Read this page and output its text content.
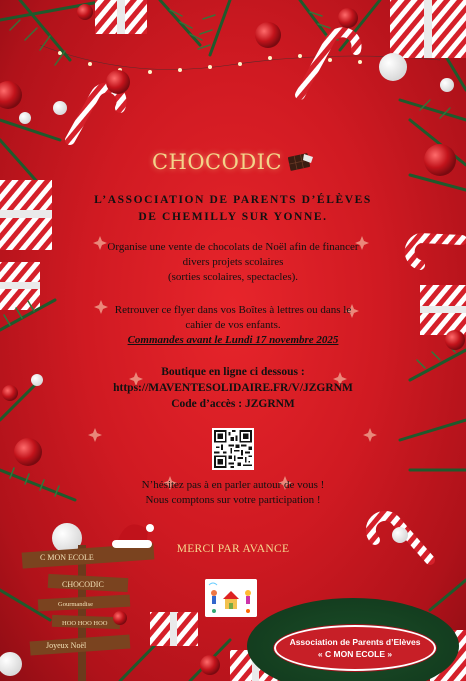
C MON ECOLE
CHOCODIC
Gourmandise
HOO HOO HOO
Joyeux Noël
CHOCODIC
L’ASSOCIATION DE PARENTS D’ÉLÈVES
DE CHEMILLY SUR YONNE.
Organise une vente de chocolats de Noël afin de financer
divers projets scolaires
(sorties scolaires, spectacles).
Retrouver ce flyer dans vos Boîtes à lettres ou dans le
cahier de vos enfants.
Commandes avant le Lundi 17 novembre 2025
Boutique en ligne ci dessous :
https://MAVENTESOLIDAIRE.FR/V/JZGRNM
Code d’accès : JZGRNM
N’hésitez pas à en parler autour de vous !
Nous comptons sur votre participation !
MERCI PAR AVANCE
Association de Parents d’Elèves
« C MON ECOLE »
